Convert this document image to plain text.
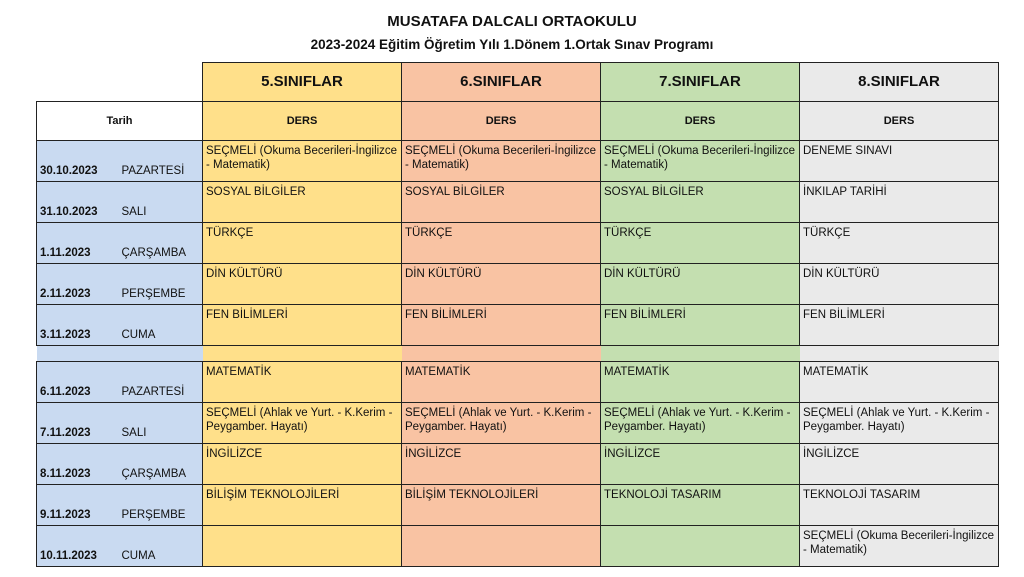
MUSATAFA DALCALI ORTAOKULU
2023-2024 Eğitim Öğretim Yılı 1.Dönem 1.Ortak Sınav Programı
		5.SINIFLAR	6.SINIFLAR	7.SINIFLAR	8.SINIFLAR
Tarih		DERS	DERS	DERS	DERS
30.10.2023	PAZARTESİ	SEÇMELİ (Okuma Becerileri-İngilizce - Matematik)	SEÇMELİ (Okuma Becerileri-İngilizce - Matematik)	SEÇMELİ (Okuma Becerileri-İngilizce - Matematik)	DENEME SINAVI
31.10.2023	SALI	SOSYAL BİLGİLER	SOSYAL BİLGİLER	SOSYAL BİLGİLER	İNKILAP TARİHİ
1.11.2023	ÇARŞAMBA	TÜRKÇE	TÜRKÇE	TÜRKÇE	TÜRKÇE
2.11.2023	PERŞEMBE	DİN KÜLTÜRÜ	DİN KÜLTÜRÜ	DİN KÜLTÜRÜ	DİN KÜLTÜRÜ
3.11.2023	CUMA	FEN BİLİMLERİ	FEN BİLİMLERİ	FEN BİLİMLERİ	FEN BİLİMLERİ

6.11.2023	PAZARTESİ	MATEMATİK	MATEMATİK	MATEMATİK	MATEMATİK
7.11.2023	SALI	SEÇMELİ (Ahlak ve Yurt. - K.Kerim - Peygamber. Hayatı)	SEÇMELİ (Ahlak ve Yurt. - K.Kerim - Peygamber. Hayatı)	SEÇMELİ (Ahlak ve Yurt. - K.Kerim - Peygamber. Hayatı)	SEÇMELİ (Ahlak ve Yurt. - K.Kerim - Peygamber. Hayatı)
8.11.2023	ÇARŞAMBA	İNGİLİZCE	İNGİLİZCE	İNGİLİZCE	İNGİLİZCE
9.11.2023	PERŞEMBE	BİLİŞİM TEKNOLOJİLERİ	BİLİŞİM TEKNOLOJİLERİ	TEKNOLOJİ TASARIM	TEKNOLOJİ TASARIM
10.11.2023	CUMA				SEÇMELİ (Okuma Becerileri-İngilizce - Matematik)
